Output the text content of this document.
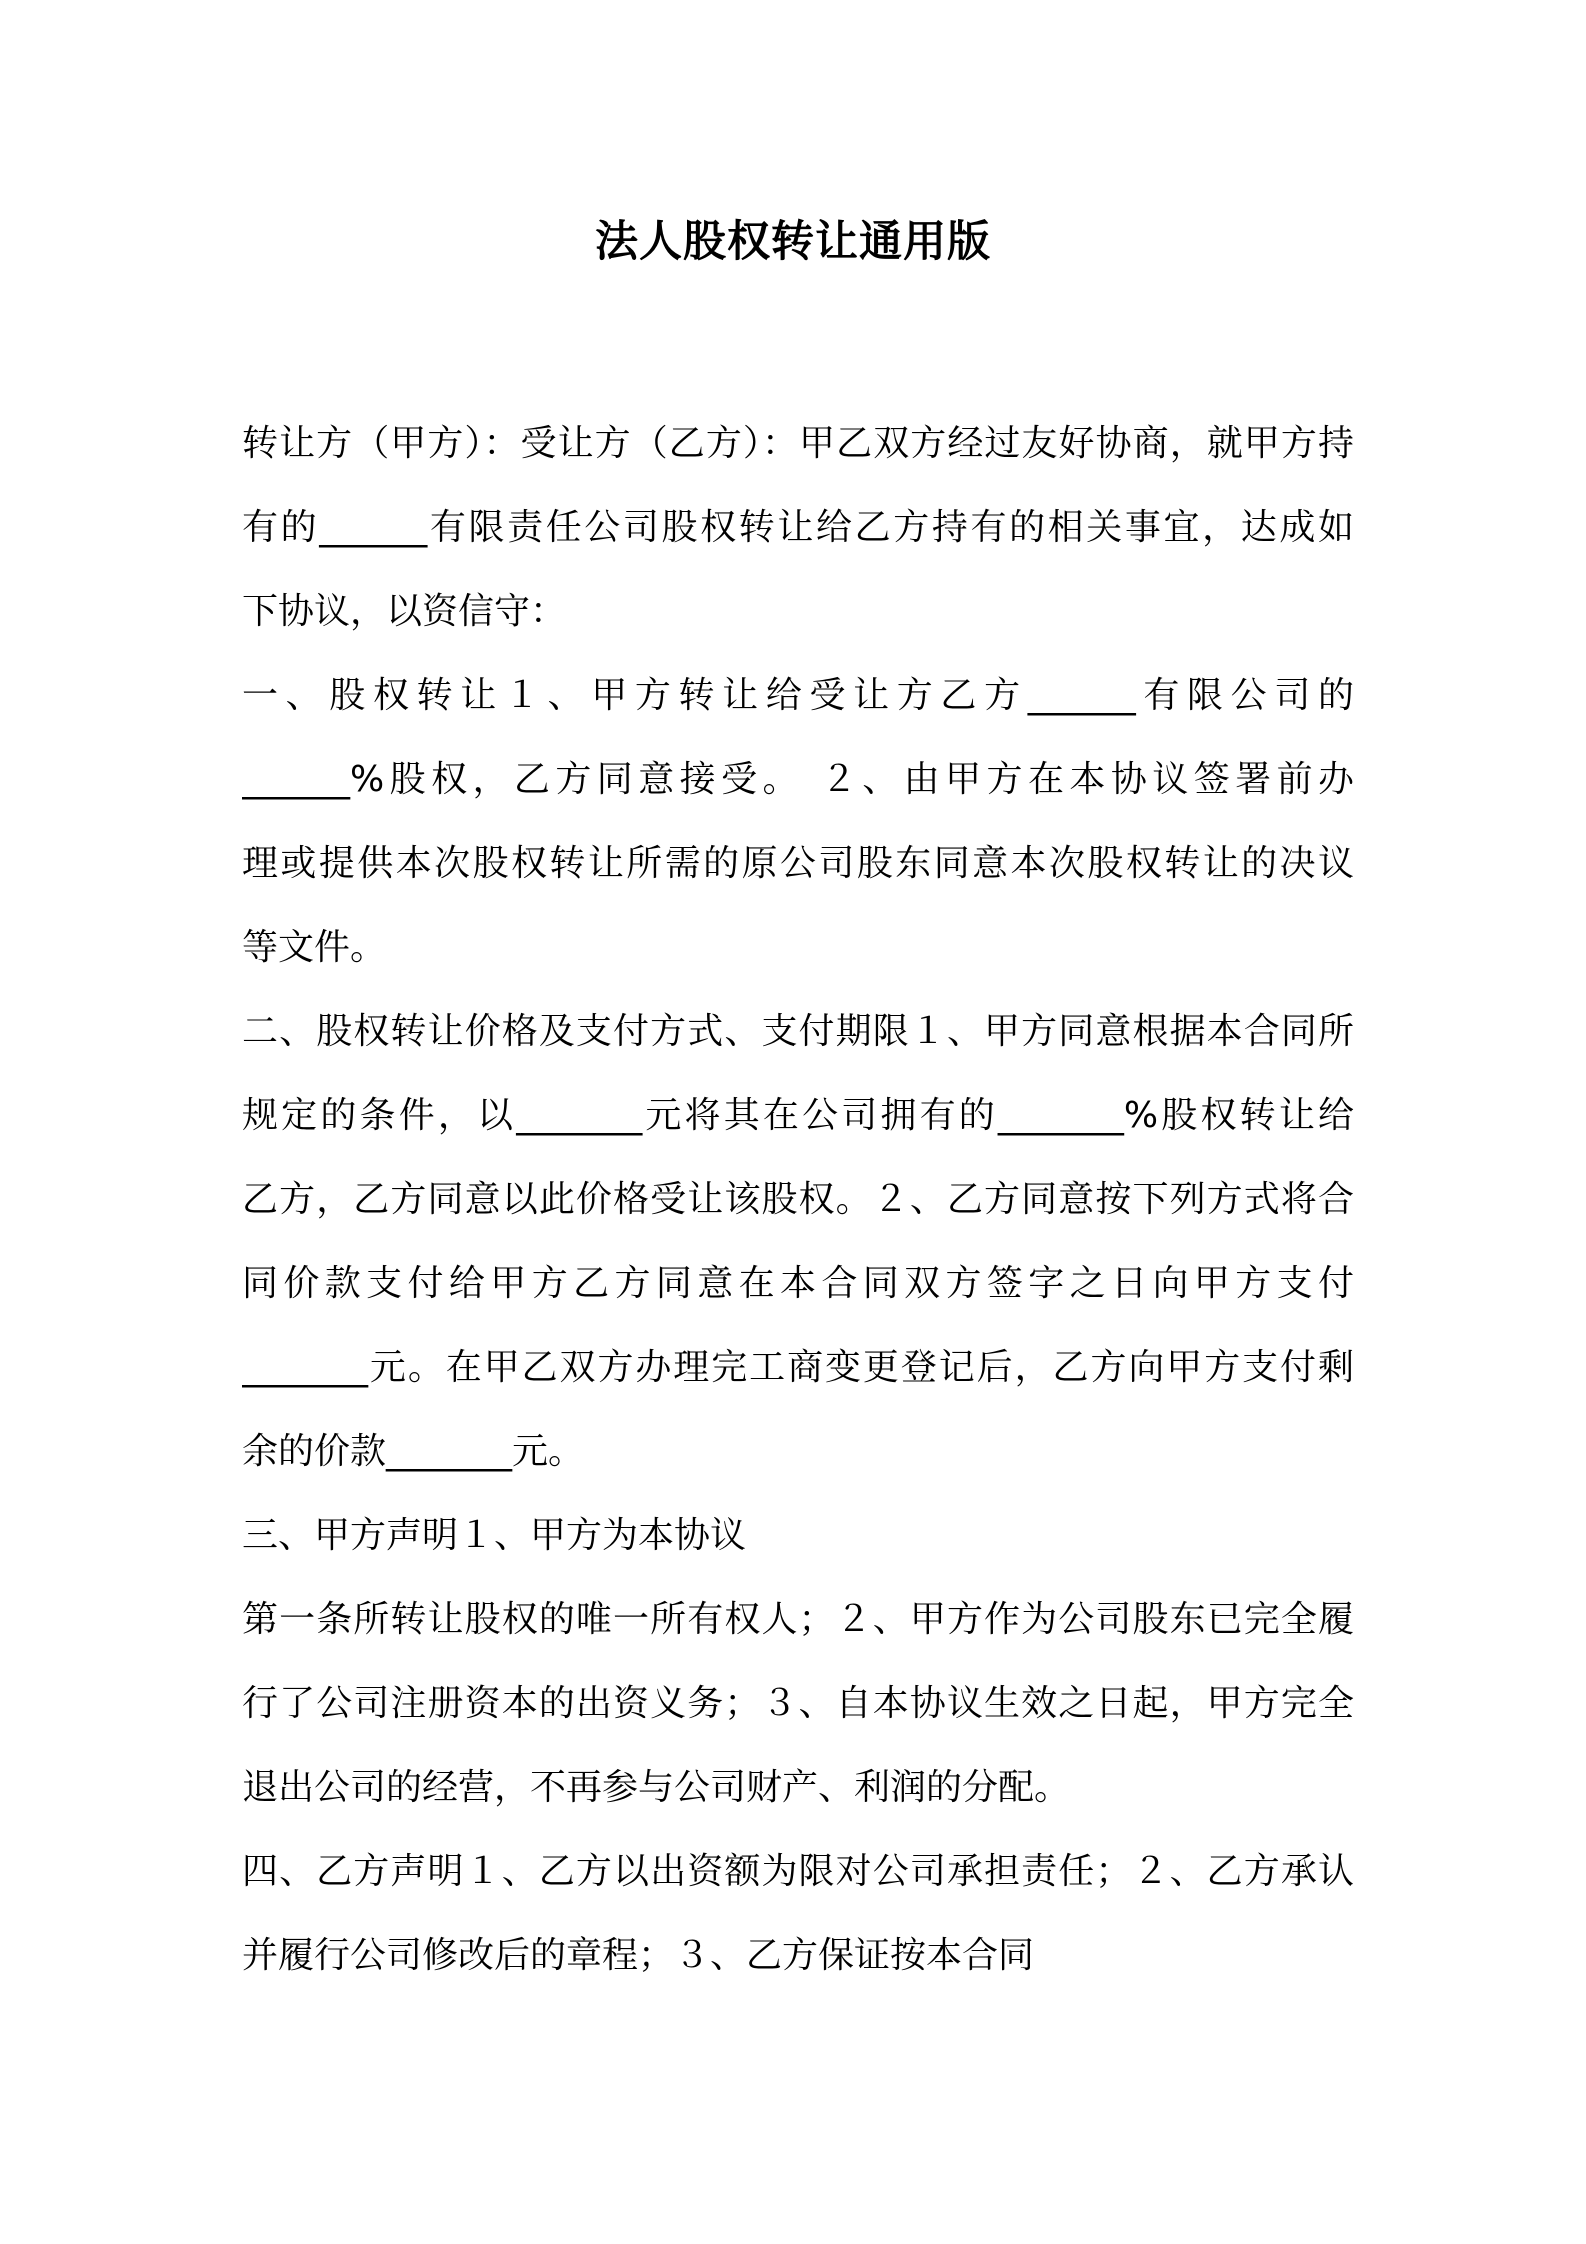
法人股权转让通用版
转让方（甲方）：受让方（乙方）：甲乙双方经过友好协商，就甲方持
有的______有限责任公司股权转让给乙方持有的相关事宜，达成如
下协议，以资信守：
一、股权转让１、甲方转让给受让方乙方______有限公司的
______%股权，乙方同意接受。 ２、由甲方在本协议签署前办
理或提供本次股权转让所需的原公司股东同意本次股权转让的决议
等文件。
二、股权转让价格及支付方式、支付期限１、甲方同意根据本合同所
规定的条件，以_______元将其在公司拥有的_______%股权转让给
乙方，乙方同意以此价格受让该股权。２、乙方同意按下列方式将合
同价款支付给甲方乙方同意在本合同双方签字之日向甲方支付
_______元。在甲乙双方办理完工商变更登记后，乙方向甲方支付剩
余的价款_______元。
三、甲方声明１、甲方为本协议
第一条所转让股权的唯一所有权人；２、甲方作为公司股东已完全履
行了公司注册资本的出资义务；３、自本协议生效之日起，甲方完全
退出公司的经营，不再参与公司财产、利润的分配。
四、乙方声明１、乙方以出资额为限对公司承担责任；２、乙方承认
并履行公司修改后的章程；３、乙方保证按本合同
